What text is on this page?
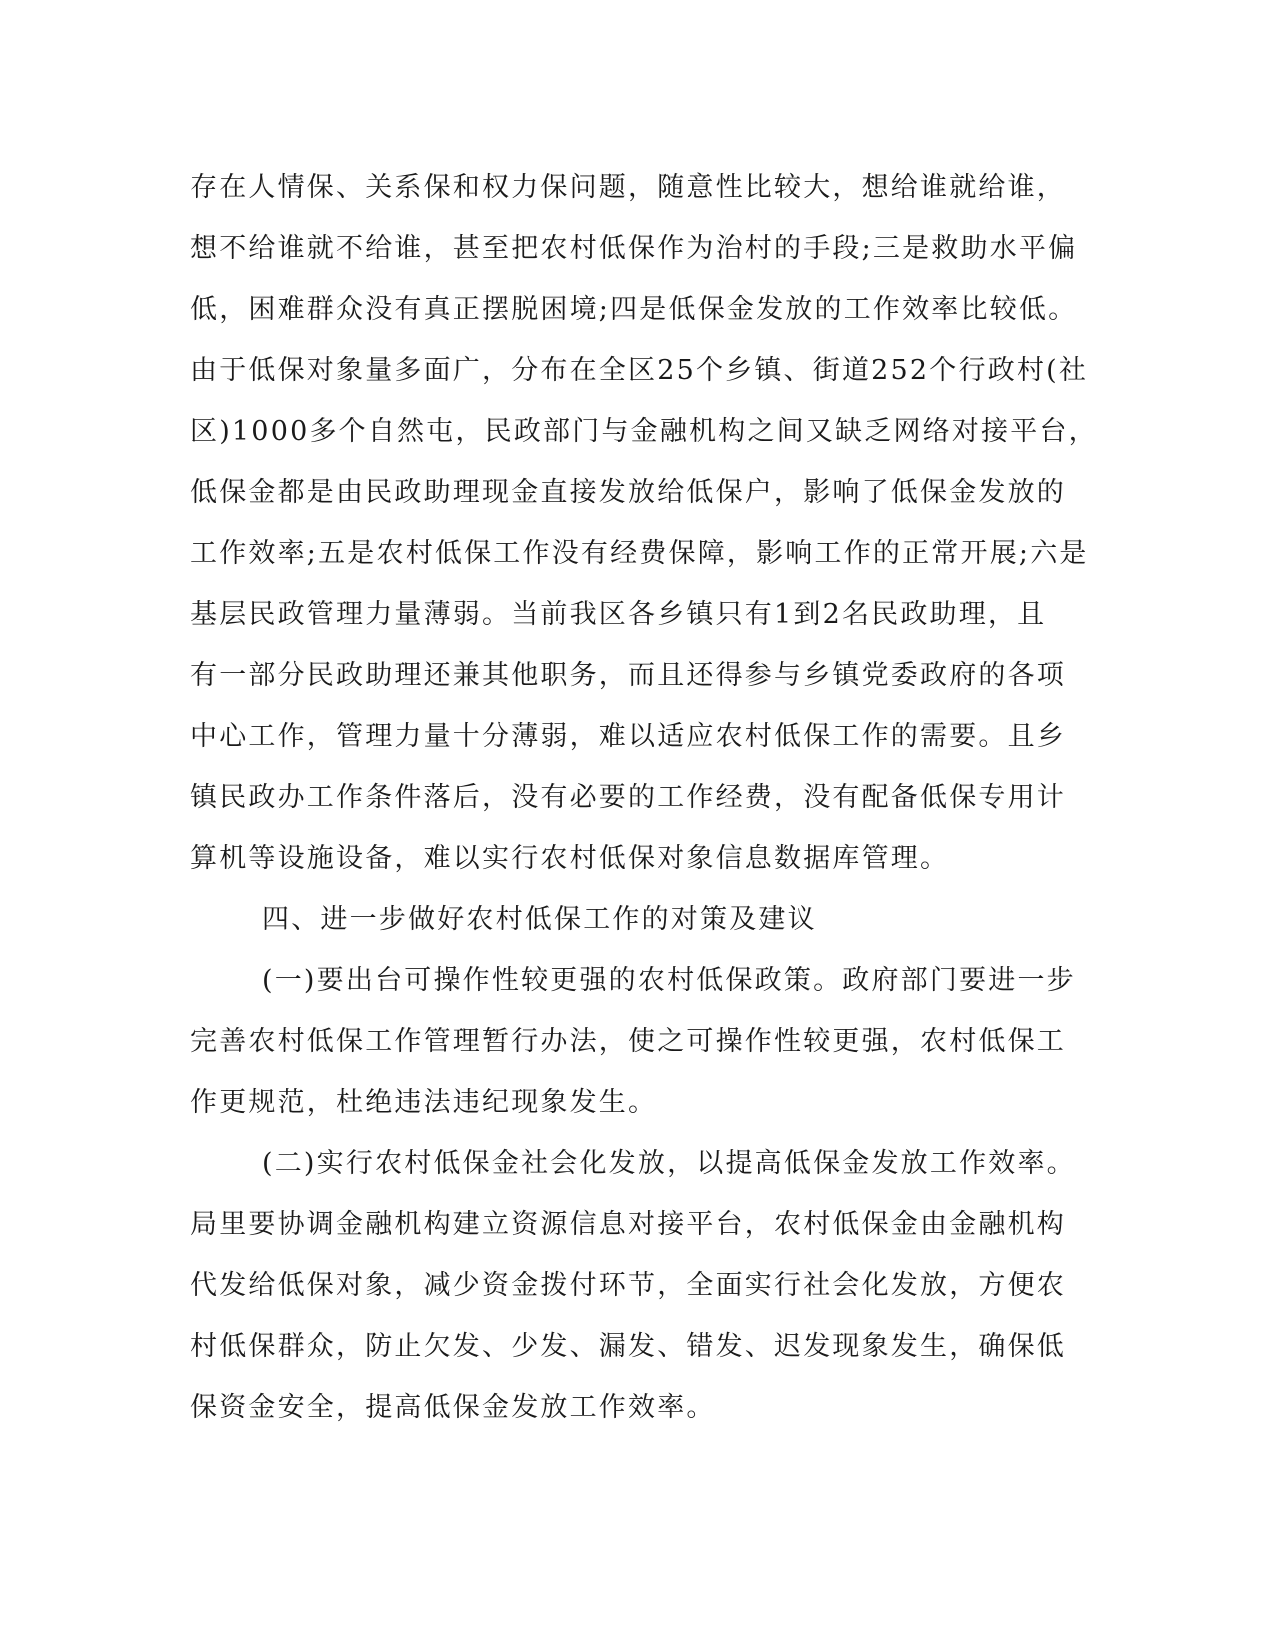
存在人情保、关系保和权力保问题，随意性比较大，想给谁就给谁，
想不给谁就不给谁，甚至把农村低保作为治村的手段;三是救助水平偏
低，困难群众没有真正摆脱困境;四是低保金发放的工作效率比较低。
由于低保对象量多面广，分布在全区25个乡镇、街道252个行政村(社
区)1000多个自然屯，民政部门与金融机构之间又缺乏网络对接平台，
低保金都是由民政助理现金直接发放给低保户，影响了低保金发放的
工作效率;五是农村低保工作没有经费保障，影响工作的正常开展;六是
基层民政管理力量薄弱。当前我区各乡镇只有1到2名民政助理，且
有一部分民政助理还兼其他职务，而且还得参与乡镇党委政府的各项
中心工作，管理力量十分薄弱，难以适应农村低保工作的需要。且乡
镇民政办工作条件落后，没有必要的工作经费，没有配备低保专用计
算机等设施设备，难以实行农村低保对象信息数据库管理。
四、进一步做好农村低保工作的对策及建议
(一)要出台可操作性较更强的农村低保政策。政府部门要进一步
完善农村低保工作管理暂行办法，使之可操作性较更强，农村低保工
作更规范，杜绝违法违纪现象发生。
(二)实行农村低保金社会化发放，以提高低保金发放工作效率。
局里要协调金融机构建立资源信息对接平台，农村低保金由金融机构
代发给低保对象，减少资金拨付环节，全面实行社会化发放，方便农
村低保群众，防止欠发、少发、漏发、错发、迟发现象发生，确保低
保资金安全，提高低保金发放工作效率。
